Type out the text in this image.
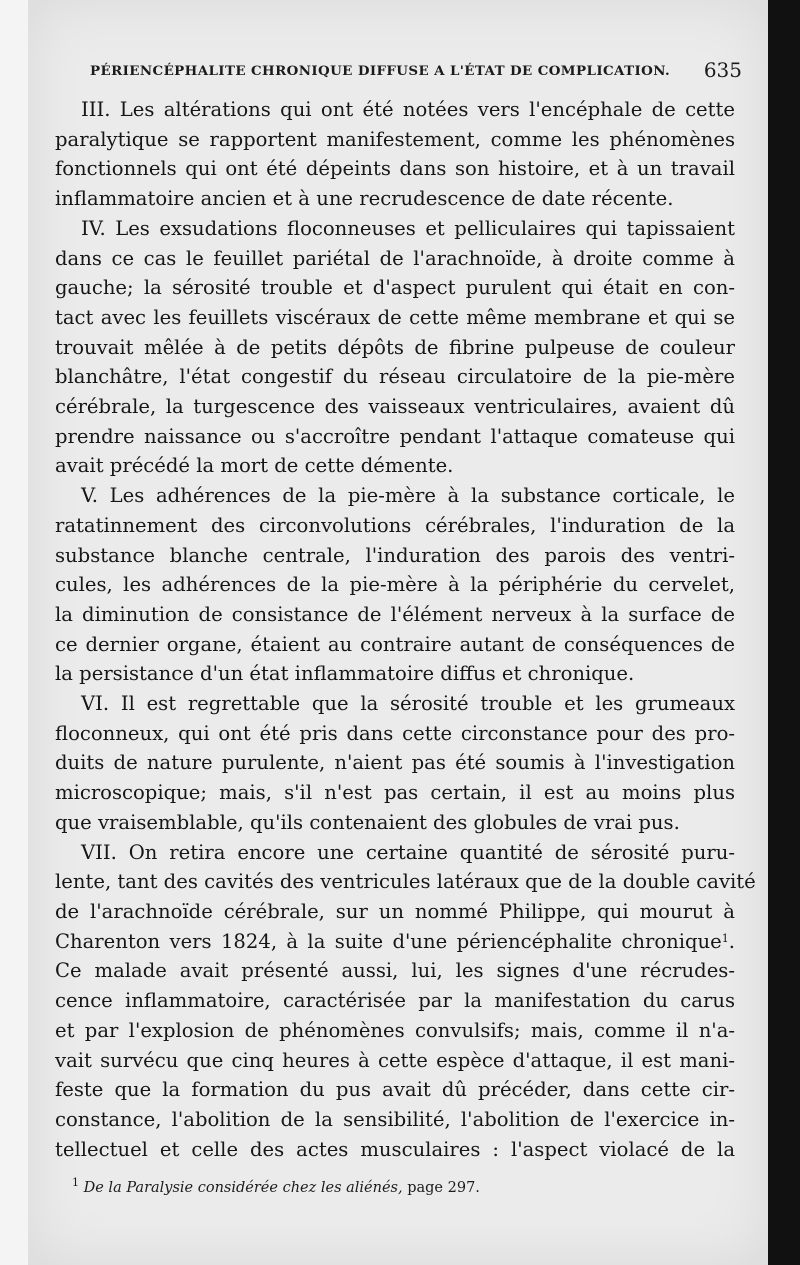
PÉRIENCÉPHALITE CHRONIQUE DIFFUSE A L'ÉTAT DE COMPLICATION. 635
III. Les altérations qui ont été notées vers l'encéphale de cette
paralytique se rapportent manifestement, comme les phénomènes
fonctionnels qui ont été dépeints dans son histoire, et à un travail
inflammatoire ancien et à une recrudescence de date récente.
IV. Les exsudations floconneuses et pelliculaires qui tapissaient
dans ce cas le feuillet pariétal de l'arachnoïde, à droite comme à
gauche; la sérosité trouble et d'aspect purulent qui était en con-
tact avec les feuillets viscéraux de cette même membrane et qui se
trouvait mêlée à de petits dépôts de fibrine pulpeuse de couleur
blanchâtre, l'état congestif du réseau circulatoire de la pie-mère
cérébrale, la turgescence des vaisseaux ventriculaires, avaient dû
prendre naissance ou s'accroître pendant l'attaque comateuse qui
avait précédé la mort de cette démente.
V. Les adhérences de la pie-mère à la substance corticale, le
ratatinnement des circonvolutions cérébrales, l'induration de la
substance blanche centrale, l'induration des parois des ventri-
cules, les adhérences de la pie-mère à la périphérie du cervelet,
la diminution de consistance de l'élément nerveux à la surface de
ce dernier organe, étaient au contraire autant de conséquences de
la persistance d'un état inflammatoire diffus et chronique.
VI. Il est regrettable que la sérosité trouble et les grumeaux
floconneux, qui ont été pris dans cette circonstance pour des pro-
duits de nature purulente, n'aient pas été soumis à l'investigation
microscopique; mais, s'il n'est pas certain, il est au moins plus
que vraisemblable, qu'ils contenaient des globules de vrai pus.
VII. On retira encore une certaine quantité de sérosité puru-
lente, tant des cavités des ventricules latéraux que de la double cavité
de l'arachnoïde cérébrale, sur un nommé Philippe, qui mourut à
Charenton vers 1824, à la suite d'une périencéphalite chronique$^1$.
Ce malade avait présenté aussi, lui, les signes d'une récrudes-
cence inflammatoire, caractérisée par la manifestation du carus
et par l'explosion de phénomènes convulsifs; mais, comme il n'a-
vait survécu que cinq heures à cette espèce d'attaque, il est mani-
feste que la formation du pus avait dû précéder, dans cette cir-
constance, l'abolition de la sensibilité, l'abolition de l'exercice in-
tellectuel et celle des actes musculaires : l'aspect violacé de la
$^1$ De la Paralysie considérée chez les aliénés, page 297.
